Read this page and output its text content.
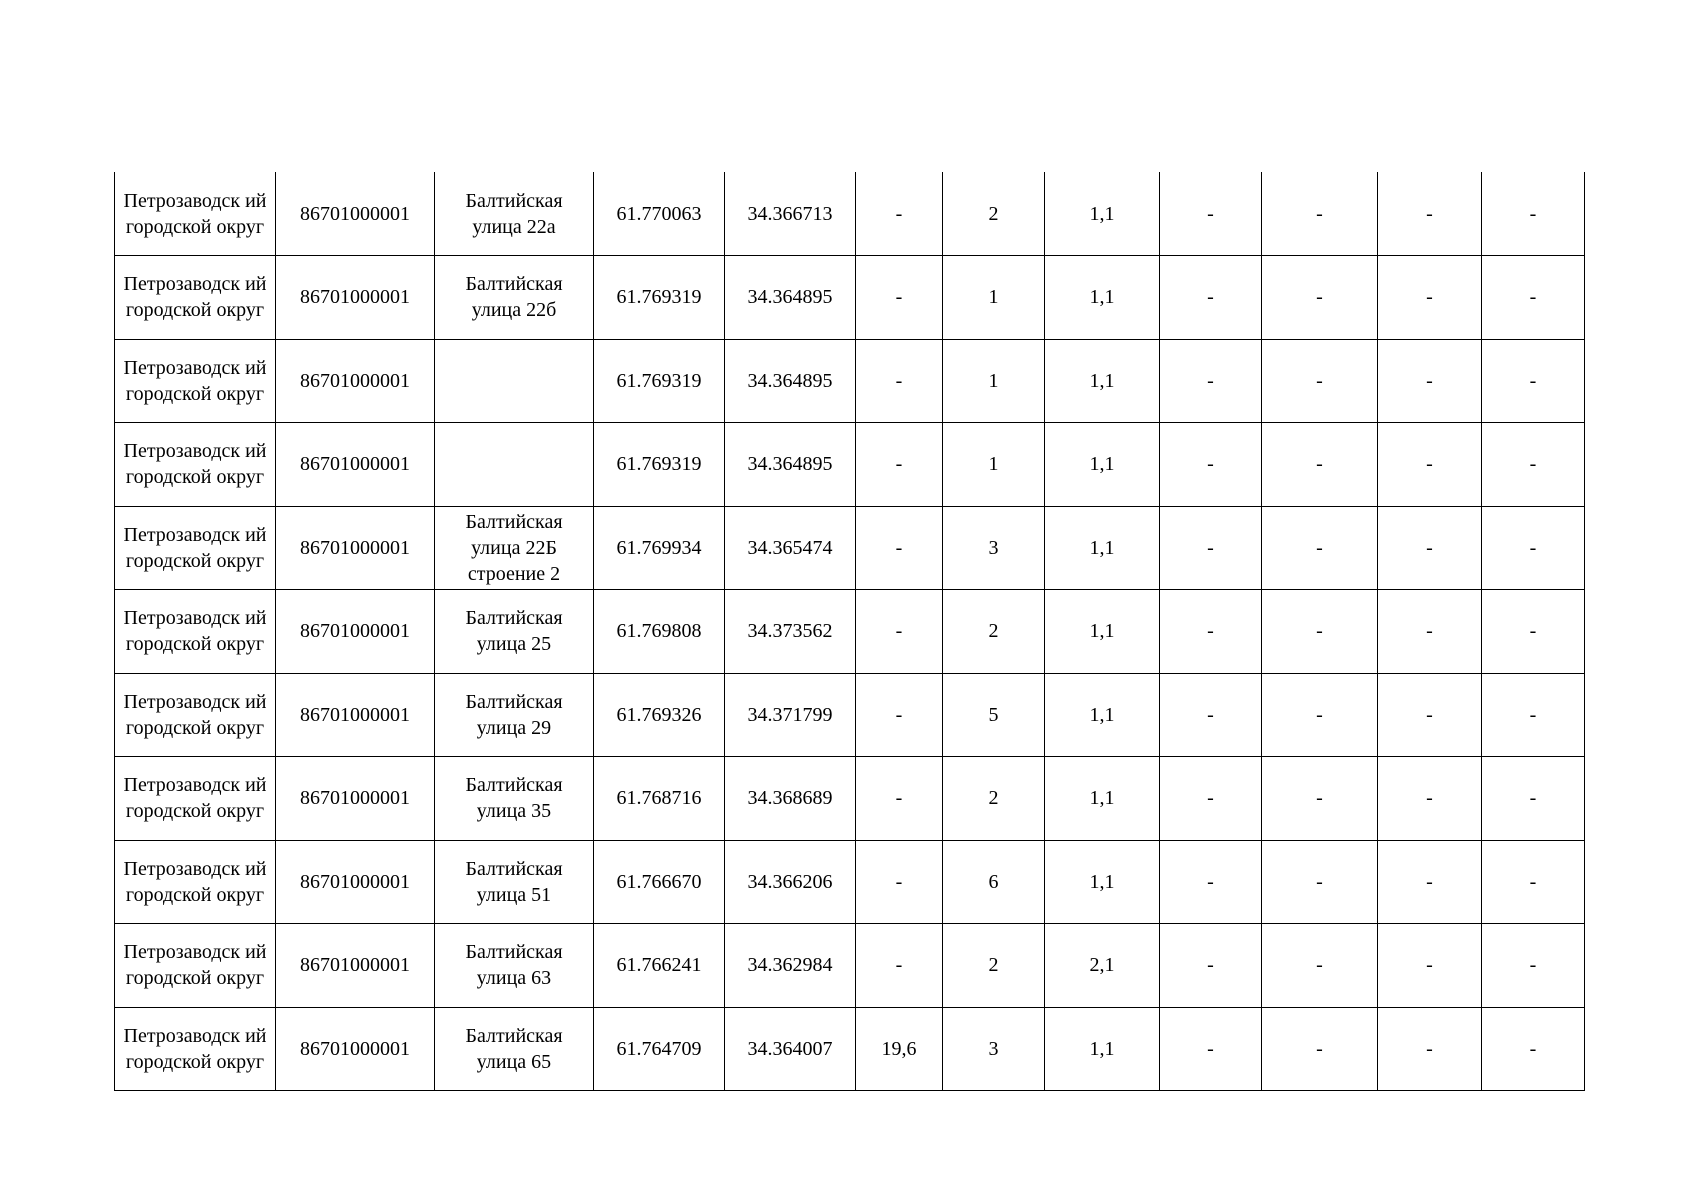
Петрозаводск ий городской округ	86701000001	Балтийская улица 22а	61.770063	34.366713	-	2	1,1	-	-	-	-
Петрозаводск ий городской округ	86701000001	Балтийская улица 22б	61.769319	34.364895	-	1	1,1	-	-	-	-
Петрозаводск ий городской округ	86701000001		61.769319	34.364895	-	1	1,1	-	-	-	-
Петрозаводск ий городской округ	86701000001		61.769319	34.364895	-	1	1,1	-	-	-	-
Петрозаводск ий городской округ	86701000001	Балтийская улица 22Б строение 2	61.769934	34.365474	-	3	1,1	-	-	-	-
Петрозаводск ий городской округ	86701000001	Балтийская улица 25	61.769808	34.373562	-	2	1,1	-	-	-	-
Петрозаводск ий городской округ	86701000001	Балтийская улица 29	61.769326	34.371799	-	5	1,1	-	-	-	-
Петрозаводск ий городской округ	86701000001	Балтийская улица 35	61.768716	34.368689	-	2	1,1	-	-	-	-
Петрозаводск ий городской округ	86701000001	Балтийская улица 51	61.766670	34.366206	-	6	1,1	-	-	-	-
Петрозаводск ий городской округ	86701000001	Балтийская улица 63	61.766241	34.362984	-	2	2,1	-	-	-	-
Петрозаводск ий городской округ	86701000001	Балтийская улица 65	61.764709	34.364007	19,6	3	1,1	-	-	-	-
